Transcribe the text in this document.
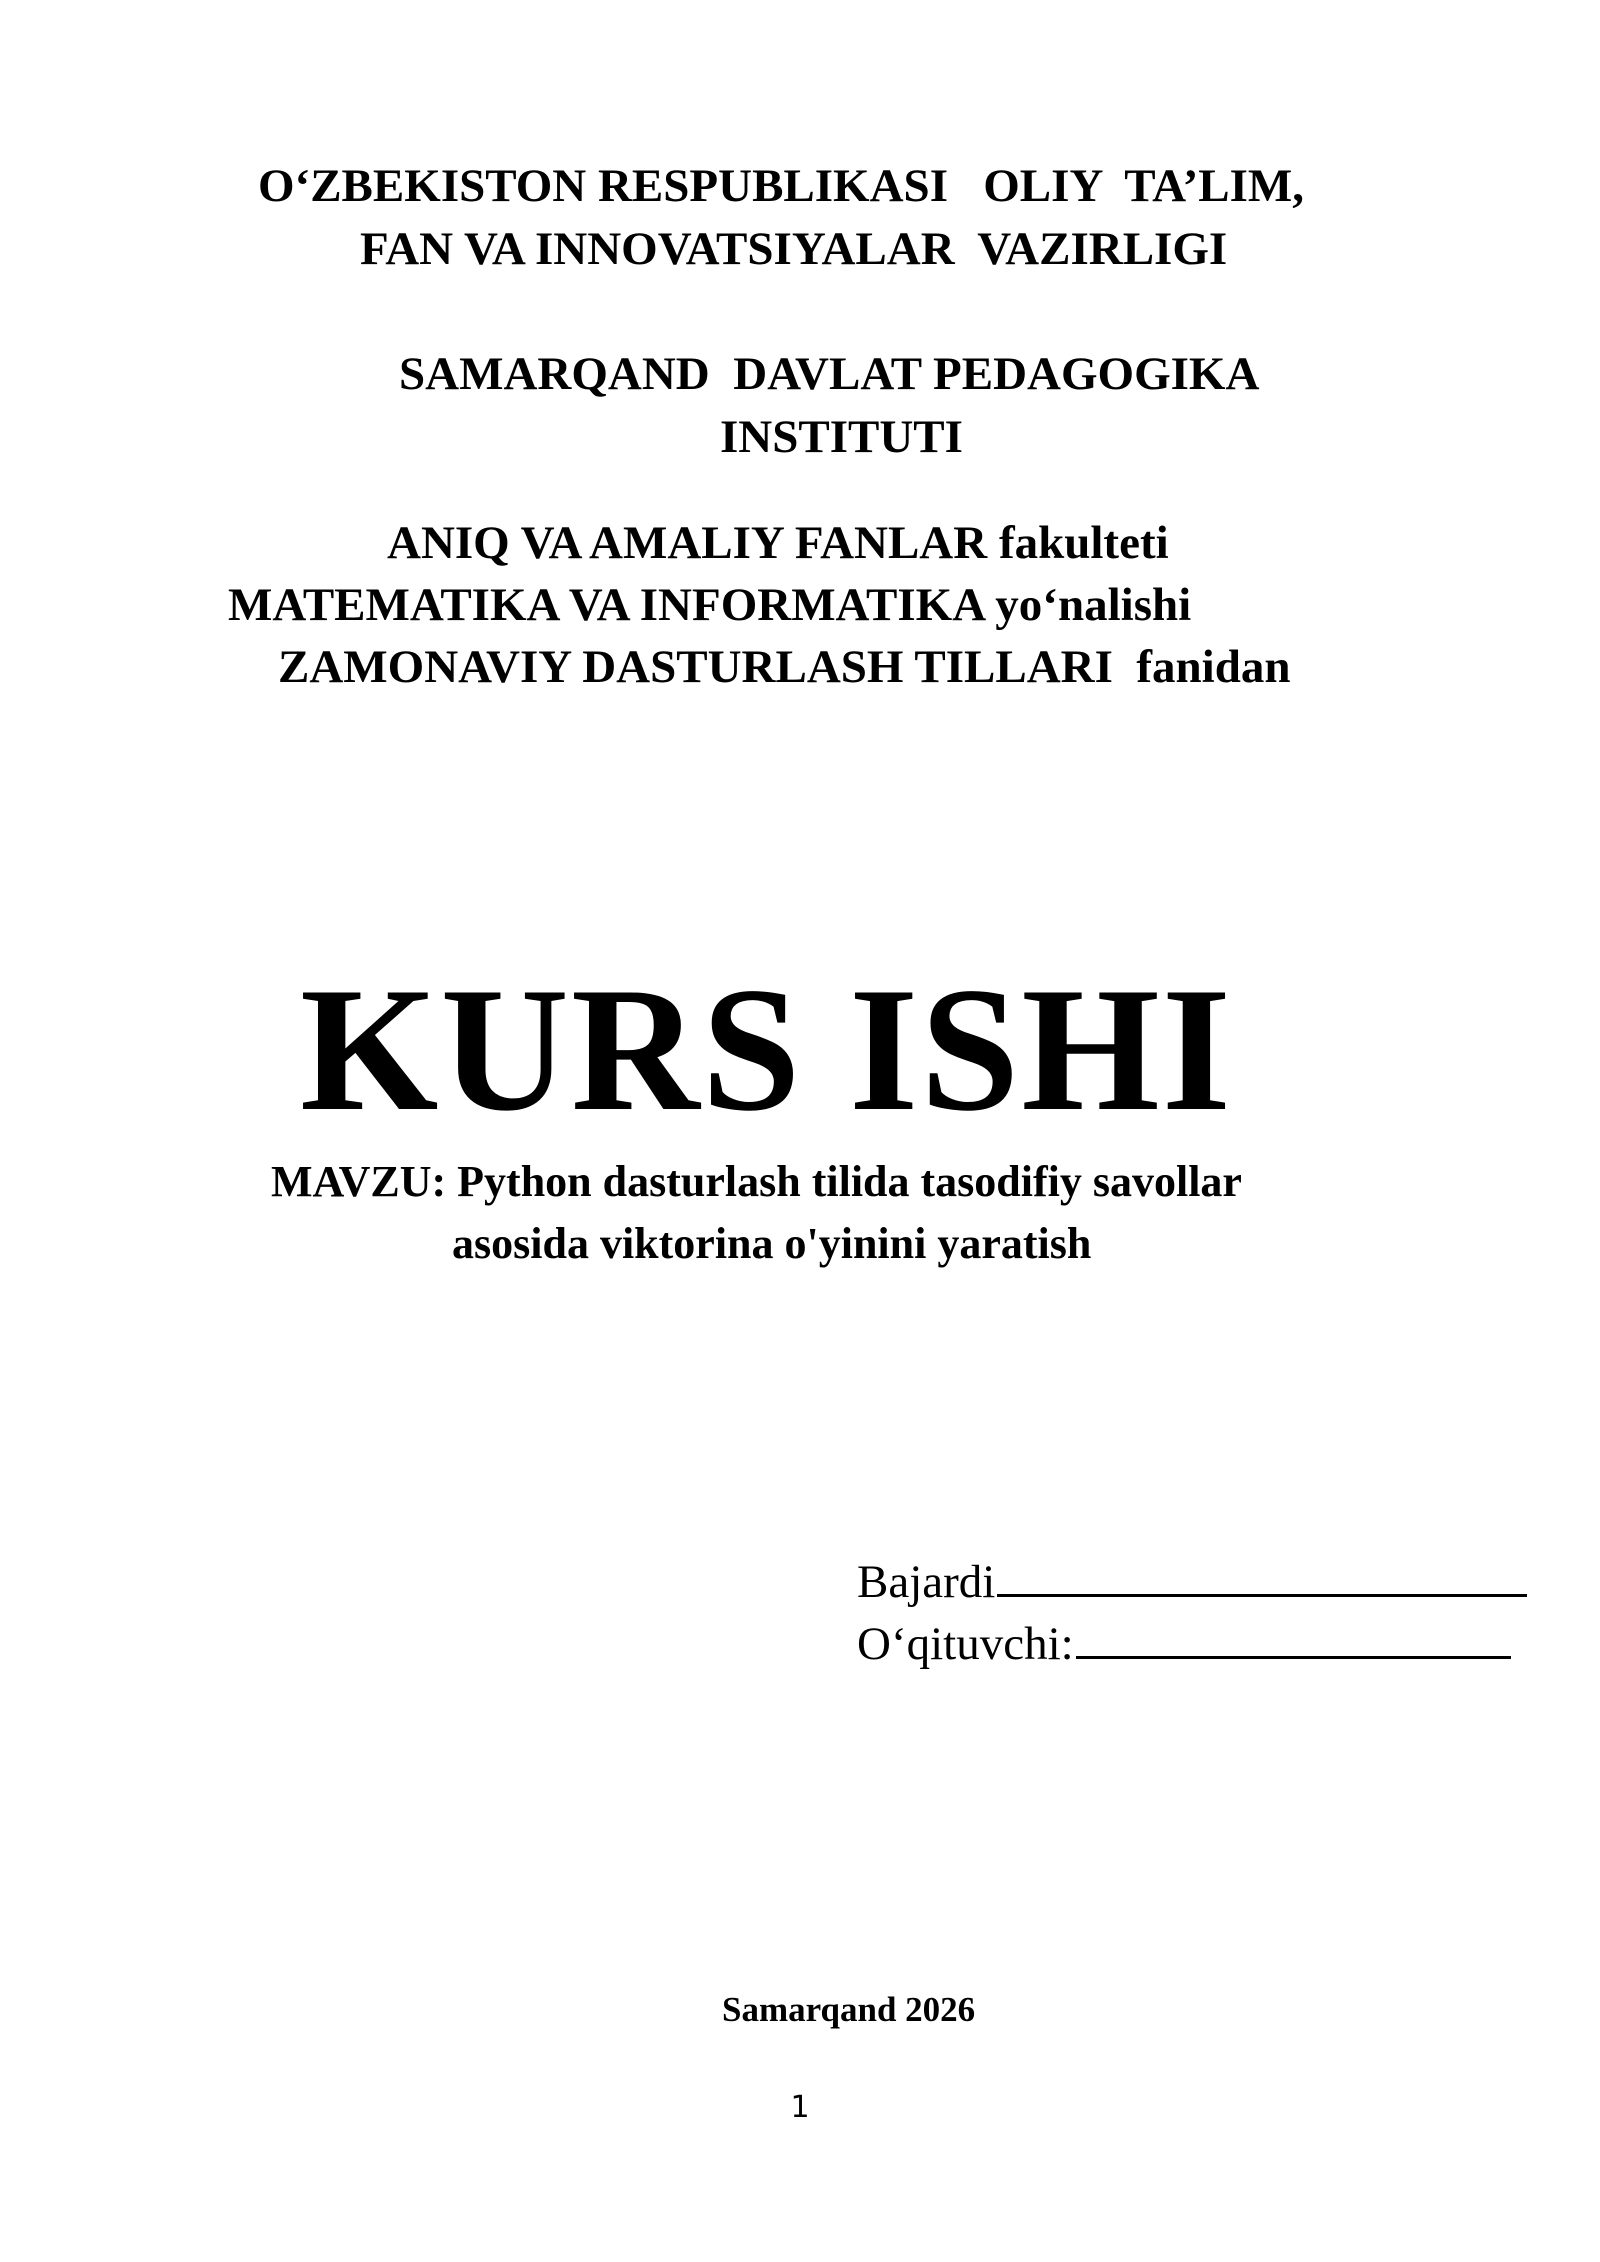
O‘ZBEKISTON RESPUBLIKASI   OLIY  TA’LIM,
FAN VA INNOVATSIYALAR  VAZIRLIGI
SAMARQAND  DAVLAT PEDAGOGIKA
INSTITUTI
ANIQ VA AMALIY FANLAR fakulteti
MATEMATIKA VA INFORMATIKA yo‘nalishi
ZAMONAVIY DASTURLASH TILLARI  fanidan
KURS ISHI
MAVZU: Python dasturlash tilida tasodifiy savollar
asosida viktorina o'yinini yaratish

Bajardi

O‘qituvchi:

Samarqand 2026
1
